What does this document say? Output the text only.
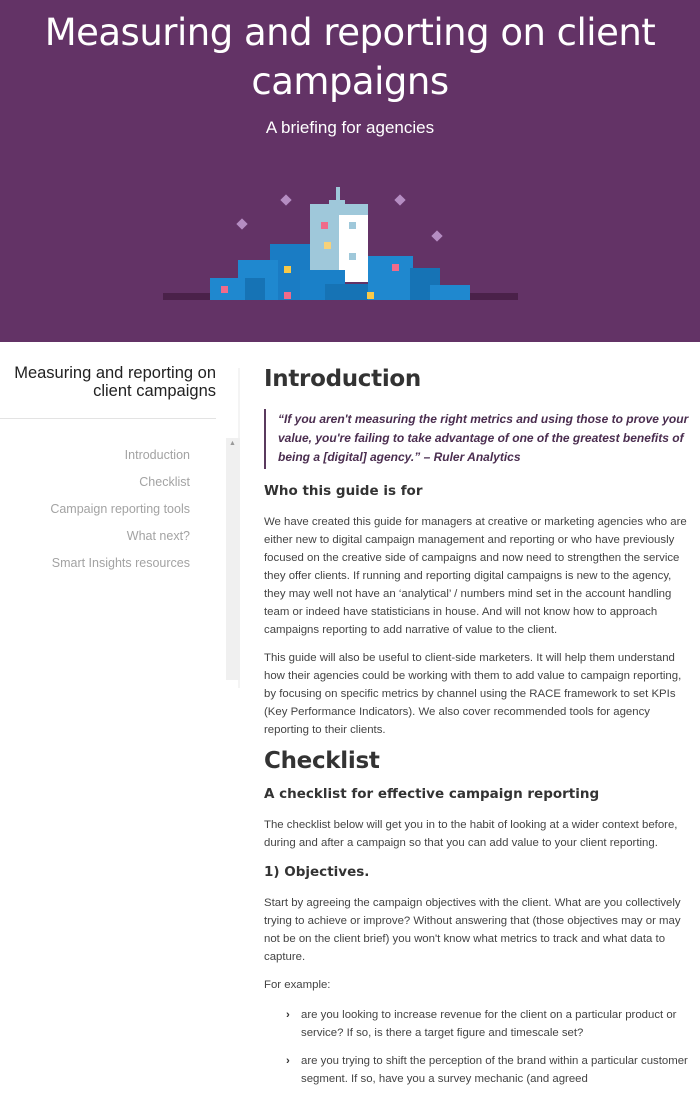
Measuring and reporting on client campaigns
A briefing for agencies
Measuring and reporting on client campaigns
Introduction
Checklist
Campaign reporting tools
What next?
Smart Insights resources
▲
Introduction
“If you aren't measuring the right metrics and using those to prove your value, you're failing to take advantage of one of the greatest benefits of being a [digital] agency.” – Ruler Analytics
Who this guide is for

We have created this guide for managers at creative or marketing agencies who are either new to digital campaign management and reporting or who have previously focused on the creative side of campaigns and now need to strengthen the service they offer clients. If running and reporting digital campaigns is new to the agency, they may well not have an ‘analytical’ / numbers mind set in the account handling team or indeed have statisticians in house. And will not know how to approach campaigns reporting to add narrative of value to the client.

This guide will also be useful to client-side marketers. It will help them understand how their agencies could be working with them to add value to campaign reporting, by focusing on specific metrics by channel using the RACE framework to set KPIs (Key Performance Indicators). We also cover recommended tools for agency reporting to their clients.

Checklist
A checklist for effective campaign reporting

The checklist below will get you in to the habit of looking at a wider context before, during and after a campaign so that you can add value to your client reporting.

1) Objectives.

Start by agreeing the campaign objectives with the client. What are you collectively trying to achieve or improve? Without answering that (those objectives may or may not be on the client brief) you won't know what metrics to track and what data to capture.

For example:

› are you looking to increase revenue for the client on a particular product or service? If so, is there a target figure and timescale set?
› are you trying to shift the perception of the brand within a particular customer segment. If so, have you a survey mechanic (and agreed
